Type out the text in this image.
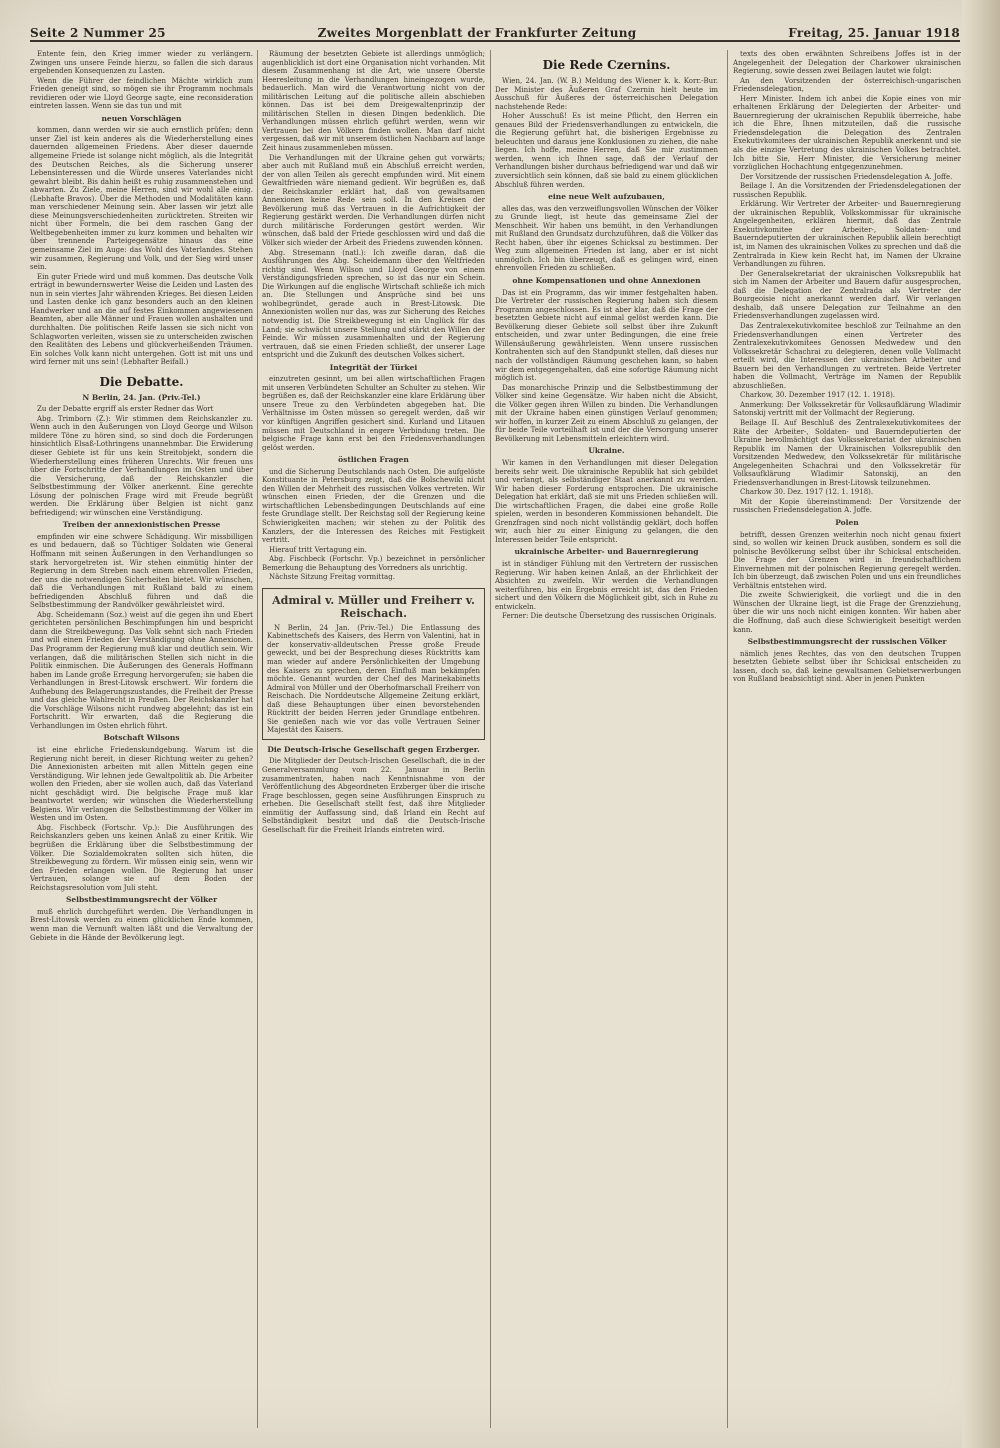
Seite 2 Nummer 25	Zweites Morgenblatt der Frankfurter Zeitung	Freitag, 25. Januar 1918

Entente fein, den Krieg immer wieder zu verlängern. Zwingen uns unsere Feinde hierzu, so fallen die sich daraus ergebenden Konsequenzen zu Lasten.

Wenn die Führer der feindlichen Mächte wirklich zum Frieden geneigt sind, so mögen sie ihr Programm nochmals revidieren oder wie Lloyd George sagte, eine reconsideration eintreten lassen. Wenn sie das tun und mit

neuen Vorschlägen

kommen, dann werden wir sie auch ernstlich prüfen; denn unser Ziel ist kein anderes als die Wiederherstellung eines dauernden allgemeinen Friedens. Aber dieser dauernde allgemeine Friede ist solange nicht möglich, als die Integrität des Deutschen Reiches, als die Sicherung unserer Lebensinteressen und die Würde unseres Vaterlandes nicht gewahrt bleibt. Bis dahin heißt es ruhig zusammenstehen und abwarten. Zu Ziele, meine Herren, sind wir wohl alle einig. (Lebhafte Bravos). Über die Methoden und Modalitäten kann man verschiedener Meinung sein. Aber lassen wir jetzt alle diese Meinungsverschiedenheiten zurücktreten. Streiten wir nicht über Formeln, die bei dem raschen Gang der Weltbegebenheiten immer zu kurz kommen und behalten wir über trennende Parteigegensätze hinaus das eine gemeinsame Ziel im Auge: das Wohl des Vaterlandes. Stehen wir zusammen, Regierung und Volk, und der Sieg wird unser sein.

Ein guter Friede wird und muß kommen. Das deutsche Volk erträgt in bewundernswerter Weise die Leiden und Lasten des nun in sein viertes Jahr währenden Krieges. Bei diesen Leiden und Lasten denke ich ganz besonders auch an den kleinen Handwerker und an die auf festes Einkommen angewiesenen Beamten, aber alle Männer und Frauen wollen aushalten und durchhalten. Die politischen Reife lassen sie sich nicht von Schlagworten verleiten, wissen sie zu unterscheiden zwischen den Realitäten des Lebens und glückverheißenden Träumen. Ein solches Volk kann nicht untergehen. Gott ist mit uns und wird ferner mit uns sein! (Lebhafter Beifall.)

Die Debatte.
N Berlin, 24. Jan. (Priv.-Tel.)

Zu der Debatte ergriff als erster Redner das Wort

Abg. Trimborn (Z.): Wir stimmen dem Reichskanzler zu. Wenn auch in den Äußerungen von Lloyd George und Wilson mildere Töne zu hören sind, so sind doch die Forderungen hinsichtlich Elsaß-Lothringens unannehmbar. Die Erwiderung dieser Gebiete ist für uns kein Streitobjekt, sondern die Wiederherstellung eines früheren Unrechts. Wir freuen uns über die Fortschritte der Verhandlungen im Osten und über die Versicherung, daß der Reichskanzler die Selbstbestimmung der Völker anerkennt. Eine gerechte Lösung der polnischen Frage wird mit Freude begrüßt werden. Die Erklärung über Belgien ist nicht ganz befriedigend; wir wünschen eine Verständigung.

Treiben der annexionistischen Presse

empfinden wir eine schwere Schädigung. Wir missbilligen es und bedauern, daß so Tüchtiger Soldaten wie General Hoffmann mit seinen Äußerungen in den Verhandlungen so stark hervorgetreten ist. Wir stehen einmütig hinter der Regierung in dem Streben nach einem ehrenvollen Frieden, der uns die notwendigen Sicherheiten bietet. Wir wünschen, daß die Verhandlungen mit Rußland bald zu einem befriedigenden Abschluß führen und daß die Selbstbestimmung der Randvölker gewährleistet wird.

Abg. Scheidemann (Soz.) weist auf die gegen ihn und Ebert gerichteten persönlichen Beschimpfungen hin und bespricht dann die Streikbewegung. Das Volk sehnt sich nach Frieden und will einen Frieden der Verständigung ohne Annexionen. Das Programm der Regierung muß klar und deutlich sein. Wir verlangen, daß die militärischen Stellen sich nicht in die Politik einmischen. Die Äußerungen des Generals Hoffmann haben im Lande große Erregung hervorgerufen; sie haben die Verhandlungen in Brest-Litowsk erschwert. Wir fordern die Aufhebung des Belagerungszustandes, die Freiheit der Presse und das gleiche Wahlrecht in Preußen. Der Reichskanzler hat die Vorschläge Wilsons nicht rundweg abgelehnt; das ist ein Fortschritt. Wir erwarten, daß die Regierung die Verhandlungen im Osten ehrlich führt.

Botschaft Wilsons

ist eine ehrliche Friedenskundgebung. Warum ist die Regierung nicht bereit, in dieser Richtung weiter zu gehen? Die Annexionisten arbeiten mit allen Mitteln gegen eine Verständigung. Wir lehnen jede Gewaltpolitik ab. Die Arbeiter wollen den Frieden, aber sie wollen auch, daß das Vaterland nicht geschädigt wird. Die belgische Frage muß klar beantwortet werden; wir wünschen die Wiederherstellung Belgiens. Wir verlangen die Selbstbestimmung der Völker im Westen und im Osten.

Abg. Fischbeck (Fortschr. Vp.): Die Ausführungen des Reichskanzlers geben uns keinen Anlaß zu einer Kritik. Wir begrüßen die Erklärung über die Selbstbestimmung der Völker. Die Sozialdemokraten sollten sich hüten, die Streikbewegung zu fördern. Wir müssen einig sein, wenn wir den Frieden erlangen wollen. Die Regierung hat unser Vertrauen, solange sie auf dem Boden der Reichstagsresolution vom Juli steht.

Selbstbestimmungsrecht der Völker

muß ehrlich durchgeführt werden. Die Verhandlungen in Brest-Litowsk werden zu einem glücklichen Ende kommen, wenn man die Vernunft walten läßt und die Verwaltung der Gebiete in die Hände der Bevölkerung legt.

Räumung der besetzten Gebiete ist allerdings unmöglich; augenblicklich ist dort eine Organisation nicht vorhanden. Mit diesem Zusammenhang ist die Art, wie unsere Oberste Heeresleitung in die Verhandlungen hineingezogen wurde, bedauerlich. Man wird die Verantwortung nicht von der militärischen Leitung auf die politische allein abschieben können. Das ist bei dem Dreigewaltenprinzip der militärischen Stellen in diesen Dingen bedenklich. Die Verhandlungen müssen ehrlich geführt werden, wenn wir Vertrauen bei den Völkern finden wollen. Man darf nicht vergessen, daß wir mit unserem östlichen Nachbarn auf lange Zeit hinaus zusammenleben müssen.

Die Verhandlungen mit der Ukraine gehen gut vorwärts; aber auch mit Rußland muß ein Abschluß erreicht werden, der von allen Teilen als gerecht empfunden wird. Mit einem Gewaltfrieden wäre niemand gedient. Wir begrüßen es, daß der Reichskanzler erklärt hat, daß von gewaltsamen Annexionen keine Rede sein soll. In den Kreisen der Bevölkerung muß das Vertrauen in die Aufrichtigkeit der Regierung gestärkt werden. Die Verhandlungen dürfen nicht durch militärische Forderungen gestört werden. Wir wünschen, daß bald der Friede geschlossen wird und daß die Völker sich wieder der Arbeit des Friedens zuwenden können.

Abg. Stresemann (natl.): Ich zweifle daran, daß die Ausführungen des Abg. Scheidemann über den Weltfrieden richtig sind. Wenn Wilson und Lloyd George von einem Verständigungsfrieden sprechen, so ist das nur ein Schein. Die Wirkungen auf die englische Wirtschaft schließe ich mich an. Die Stellungen und Ansprüche sind bei uns wohlbegründet, gerade auch in Brest-Litowsk. Die Annexionisten wollen nur das, was zur Sicherung des Reiches notwendig ist. Die Streikbewegung ist ein Unglück für das Land; sie schwächt unsere Stellung und stärkt den Willen der Feinde. Wir müssen zusammenhalten und der Regierung vertrauen, daß sie einen Frieden schließt, der unserer Lage entspricht und die Zukunft des deutschen Volkes sichert.

Integrität der Türkei

einzutreten gesinnt, um bei allen wirtschaftlichen Fragen mit unseren Verbündeten Schulter an Schulter zu stehen. Wir begrüßen es, daß der Reichskanzler eine klare Erklärung über unsere Treue zu den Verbündeten abgegeben hat. Die Verhältnisse im Osten müssen so geregelt werden, daß wir vor künftigen Angriffen gesichert sind. Kurland und Litauen müssen mit Deutschland in engere Verbindung treten. Die belgische Frage kann erst bei den Friedensverhandlungen gelöst werden.

östlichen Fragen

und die Sicherung Deutschlands nach Osten. Die aufgelöste Konstituante in Petersburg zeigt, daß die Bolschewiki nicht den Willen der Mehrheit des russischen Volkes vertreten. Wir wünschen einen Frieden, der die Grenzen und die wirtschaftlichen Lebensbedingungen Deutschlands auf eine feste Grundlage stellt. Der Reichstag soll der Regierung keine Schwierigkeiten machen; wir stehen zu der Politik des Kanzlers, der die Interessen des Reiches mit Festigkeit vertritt.

Hierauf tritt Vertagung ein.

Abg. Fischbeck (Fortschr. Vp.) bezeichnet in persönlicher Bemerkung die Behauptung des Vorredners als unrichtig.

Nächste Sitzung Freitag vormittag.

Admiral v. Müller und Freiherr v. Reischach.

N Berlin, 24 Jan. (Priv.-Tel.) Die Entlassung des Kabinettschefs des Kaisers, des Herrn von Valentini, hat in der konservativ-alldeutschen Presse große Freude geweckt, und bei der Besprechung dieses Rücktritts kam man wieder auf andere Persönlichkeiten der Umgebung des Kaisers zu sprechen, deren Einfluß man bekämpfen möchte. Genannt wurden der Chef des Marinekabinetts Admiral von Müller und der Oberhofmarschall Freiherr von Reischach. Die Norddeutsche Allgemeine Zeitung erklärt, daß diese Behauptungen über einen bevorstehenden Rücktritt der beiden Herren jeder Grundlage entbehren. Sie genießen nach wie vor das volle Vertrauen Seiner Majestät des Kaisers.

Die Deutsch-Irische Gesellschaft gegen Erzberger.

Die Mitglieder der Deutsch-Irischen Gesellschaft, die in der Generalversammlung vom 22. Januar in Berlin zusammentraten, haben nach Kenntnisnahme von der Veröffentlichung des Abgeordneten Erzberger über die irische Frage beschlossen, gegen seine Ausführungen Einspruch zu erheben. Die Gesellschaft stellt fest, daß ihre Mitglieder einmütig der Auffassung sind, daß Irland ein Recht auf Selbständigkeit besitzt und daß die Deutsch-Irische Gesellschaft für die Freiheit Irlands eintreten wird.

Die Rede Czernins.

Wien, 24. Jan. (W. B.) Meldung des Wiener k. k. Korr.-Bur. Der Minister des Äußeren Graf Czernin hielt heute im Ausschuß für Äußeres der österreichischen Delegation nachstehende Rede:

Hoher Ausschuß! Es ist meine Pflicht, den Herren ein genaues Bild der Friedensverhandlungen zu entwickeln, die die Regierung geführt hat, die bisherigen Ergebnisse zu beleuchten und daraus jene Konklusionen zu ziehen, die nahe liegen. Ich hoffe, meine Herren, daß Sie mir zustimmen werden, wenn ich Ihnen sage, daß der Verlauf der Verhandlungen bisher durchaus befriedigend war und daß wir zuversichtlich sein können, daß sie bald zu einem glücklichen Abschluß führen werden.

eine neue Welt aufzubauen,

alles das, was den verzweiflungsvollen Wünschen der Völker zu Grunde liegt, ist heute das gemeinsame Ziel der Menschheit. Wir haben uns bemüht, in den Verhandlungen mit Rußland den Grundsatz durchzuführen, daß die Völker das Recht haben, über ihr eigenes Schicksal zu bestimmen. Der Weg zum allgemeinen Frieden ist lang, aber er ist nicht unmöglich. Ich bin überzeugt, daß es gelingen wird, einen ehrenvollen Frieden zu schließen.

ohne Kompensationen und ohne Annexionen

Das ist ein Programm, das wir immer festgehalten haben. Die Vertreter der russischen Regierung haben sich diesem Programm angeschlossen. Es ist aber klar, daß die Frage der besetzten Gebiete nicht auf einmal gelöst werden kann. Die Bevölkerung dieser Gebiete soll selbst über ihre Zukunft entscheiden, und zwar unter Bedingungen, die eine freie Willensäußerung gewährleisten. Wenn unsere russischen Kontrahenten sich auf den Standpunkt stellen, daß dieses nur nach der vollständigen Räumung geschehen kann, so haben wir dem entgegengehalten, daß eine sofortige Räumung nicht möglich ist.

Das monarchische Prinzip und die Selbstbestimmung der Völker sind keine Gegensätze. Wir haben nicht die Absicht, die Völker gegen ihren Willen zu binden. Die Verhandlungen mit der Ukraine haben einen günstigen Verlauf genommen; wir hoffen, in kurzer Zeit zu einem Abschluß zu gelangen, der für beide Teile vorteilhaft ist und der die Versorgung unserer Bevölkerung mit Lebensmitteln erleichtern wird.

Ukraine.

Wir kamen in den Verhandlungen mit dieser Delegation bereits sehr weit. Die ukrainische Republik hat sich gebildet und verlangt, als selbständiger Staat anerkannt zu werden. Wir haben dieser Forderung entsprochen. Die ukrainische Delegation hat erklärt, daß sie mit uns Frieden schließen will. Die wirtschaftlichen Fragen, die dabei eine große Rolle spielen, werden in besonderen Kommissionen behandelt. Die Grenzfragen sind noch nicht vollständig geklärt, doch hoffen wir, auch hier zu einer Einigung zu gelangen, die den Interessen beider Teile entspricht.

ukrainische Arbeiter- und Bauernregierung

ist in ständiger Fühlung mit den Vertretern der russischen Regierung. Wir haben keinen Anlaß, an der Ehrlichkeit der Absichten zu zweifeln. Wir werden die Verhandlungen weiterführen, bis ein Ergebnis erreicht ist, das den Frieden sichert und den Völkern die Möglichkeit gibt, sich in Ruhe zu entwickeln.

Ferner: Die deutsche Übersetzung des russischen Originals.

texts des oben erwähnten Schreibens Joffes ist in der Angelegenheit der Delegation der Charkower ukrainischen Regierung, sowie dessen zwei Beilagen lautet wie folgt:

An den Vorsitzenden der österreichisch-ungarischen Friedensdelegation,

Herr Minister. Indem ich anbei die Kopie eines von mir erhaltenen Erklärung der Delegierten der Arbeiter- und Bauernregierung der ukrainischen Republik überreiche, habe ich die Ehre, Ihnen mitzuteilen, daß die russische Friedensdelegation die Delegation des Zentralen Exekutivkomitees der ukrainischen Republik anerkennt und sie als die einzige Vertretung des ukrainischen Volkes betrachtet. Ich bitte Sie, Herr Minister, die Versicherung meiner vorzüglichen Hochachtung entgegenzunehmen.

Der Vorsitzende der russischen Friedensdelegation A. Joffe.

Beilage I. An die Vorsitzenden der Friedensdelegationen der russischen Republik.

Erklärung. Wir Vertreter der Arbeiter- und Bauernregierung der ukrainischen Republik, Volkskommissar für ukrainische Angelegenheiten, erklären hiermit, daß das Zentrale Exekutivkomitee der Arbeiter-, Soldaten- und Bauerndeputierten der ukrainischen Republik allein berechtigt ist, im Namen des ukrainischen Volkes zu sprechen und daß die Zentralrada in Kiew kein Recht hat, im Namen der Ukraine Verhandlungen zu führen.

Der Generalsekretariat der ukrainischen Volksrepublik hat sich im Namen der Arbeiter und Bauern dafür ausgesprochen, daß die Delegation der Zentralrada als Vertreter der Bourgeoisie nicht anerkannt werden darf. Wir verlangen deshalb, daß unsere Delegation zur Teilnahme an den Friedensverhandlungen zugelassen wird.

Das Zentralexekutivkomitee beschloß zur Teilnahme an den Friedensverhandlungen einen Vertreter des Zentralexekutivkomitees Genossen Medwedew und den Volkssekretär Schachrai zu delegieren, denen volle Vollmacht erteilt wird, die Interessen der ukrainischen Arbeiter und Bauern bei den Verhandlungen zu vertreten. Beide Vertreter haben die Vollmacht, Verträge im Namen der Republik abzuschließen.

Charkow, 30. Dezember 1917 (12. 1. 1918).

Anmerkung: Der Volkssekretär für Volksaufklärung Wladimir Satonskij vertritt mit der Vollmacht der Regierung.

Beilage II. Auf Beschluß des Zentralexekutivkomitees der Räte der Arbeiter-, Soldaten- und Bauerndeputierten der Ukraine bevollmächtigt das Volkssekretariat der ukrainischen Republik im Namen der Ukrainischen Volksrepublik den Vorsitzenden Medwedew, den Volkssekretär für militärische Angelegenheiten Schachrai und den Volkssekretär für Volksaufklärung Wladimir Satonskij, an den Friedensverhandlungen in Brest-Litowsk teilzunehmen.

Charkow 30. Dez. 1917 (12. 1. 1918).

Mit der Kopie übereinstimmend: Der Vorsitzende der russischen Friedensdelegation A. Joffe.

Polen

betrifft, dessen Grenzen weiterhin noch nicht genau fixiert sind, so wollen wir keinen Druck ausüben, sondern es soll die polnische Bevölkerung selbst über ihr Schicksal entscheiden. Die Frage der Grenzen wird in freundschaftlichem Einvernehmen mit der polnischen Regierung geregelt werden. Ich bin überzeugt, daß zwischen Polen und uns ein freundliches Verhältnis entstehen wird.

Die zweite Schwierigkeit, die vorliegt und die in den Wünschen der Ukraine liegt, ist die Frage der Grenzziehung, über die wir uns noch nicht einigen konnten. Wir haben aber die Hoffnung, daß auch diese Schwierigkeit beseitigt werden kann.

Selbstbestimmungsrecht der russischen Völker

nämlich jenes Rechtes, das von den deutschen Truppen besetzten Gebiete selbst über ihr Schicksal entscheiden zu lassen, doch so, daß keine gewaltsamen Gebietserwerbungen von Rußland beabsichtigt sind. Aber in jenen Punkten
